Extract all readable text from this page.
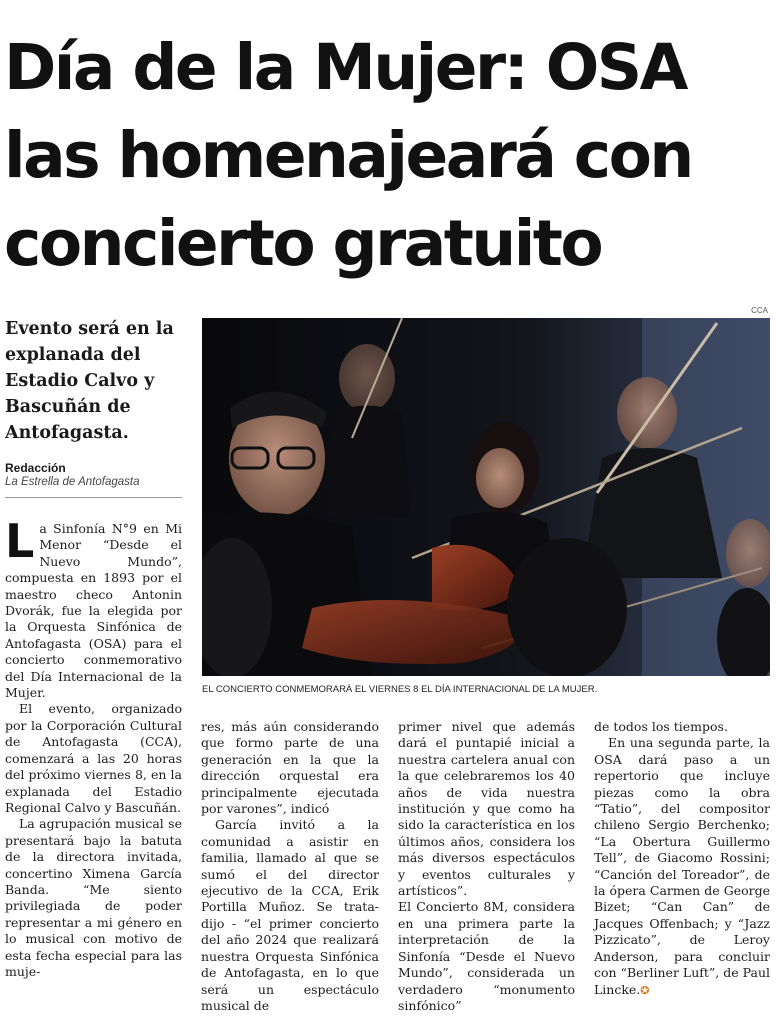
Día de la Mujer: OSA
las homenajeará con
concierto gratuito
Evento será en la
explanada del
Estadio Calvo y
Bascuñán de
Antofagasta.
Redacción
La Estrella de Antofagasta
CCA
EL CONCIERTO CONMEMORARÁ EL VIERNES 8 EL DÍA INTERNACIONAL DE LA MUJER.

La Sinfonía N°9 en Mi Menor “Desde el Nuevo Mundo”, compuesta en 1893 por el maestro checo Antonin Dvorák, fue la elegida por la Orquesta Sinfónica de Antofagasta (OSA) para el concierto conmemorativo del Día Internacional de la Mujer.

El evento, organizado por la Corporación Cultural de Antofagasta (CCA), comenzará a las 20 horas del próximo viernes 8, en la explanada del Estadio Regional Calvo y Bascuñán.

La agrupación musical se presentará bajo la batuta de la directora invitada, concertino Ximena García Banda. “Me siento privilegiada de poder representar a mi género en lo musical con motivo de esta fecha especial para las muje-

res, más aún considerando que formo parte de una generación en la que la dirección orquestal era principalmente ejecutada por varones”, indicó

García invitó a la comunidad a asistir en familia, llamado al que se sumó el del director ejecutivo de la CCA, Erik Portilla Muñoz. Se trata- dijo - “el primer concierto del año 2024 que realizará nuestra Orquesta Sinfónica de Antofagasta, en lo que será un espectáculo musical de

primer nivel que además dará el puntapié inicial a nuestra cartelera anual con la que celebraremos los 40 años de vida nuestra institución y que como ha sido la característica en los últimos años, considera los más diversos espectáculos y eventos culturales y artísticos”.

El Concierto 8M, considera en una primera parte la interpretación de la Sinfonía “Desde el Nuevo Mundo”, considerada un verdadero “monumento sinfónico”

de todos los tiempos.

En una segunda parte, la OSA dará paso a un repertorio que incluye piezas como la obra “Tatio”, del compositor chileno Sergio Berchenko; “La Obertura Guillermo Tell”, de Giacomo Rossini; “Canción del Toreador”, de la ópera Carmen de George Bizet; “Can Can” de Jacques Offenbach; y “Jazz Pizzicato”, de Leroy Anderson, para concluir con “Berliner Luft”, de Paul Lincke.✪
